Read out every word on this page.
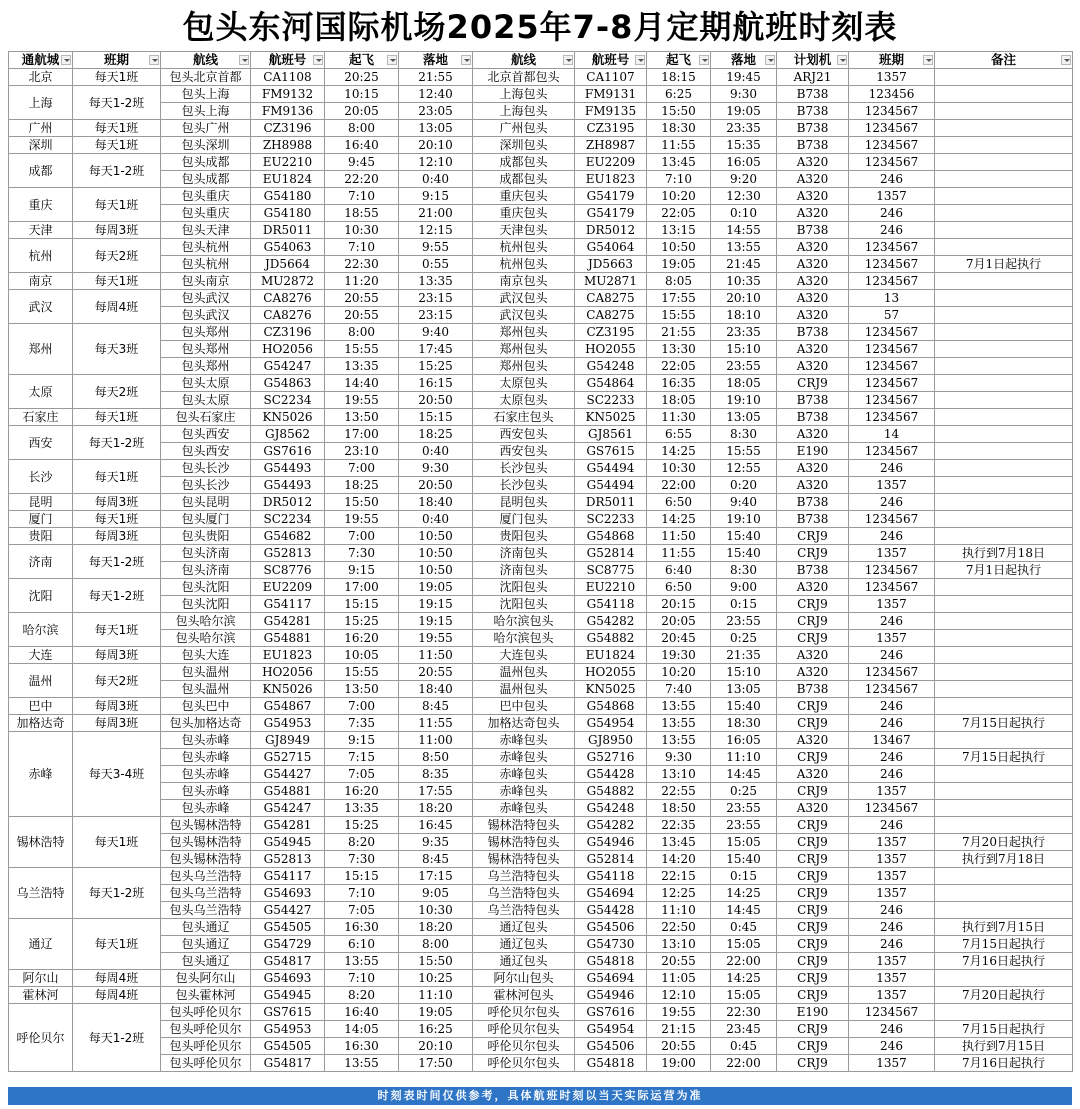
包头东河国际机场2025年7-8月定期航班时刻表
通航城	班期	航线	航班号	起飞	落地	航线	航班号	起飞	落地	计划机	班期	备注

北京	每天1班	包头北京首都	CA1108	20:25	21:55	北京首都包头	CA1107	18:15	19:45	ARJ21	1357	
上海	每天1-2班	包头上海	FM9132	10:15	12:40	上海包头	FM9131	6:25	9:30	B738	123456	
		包头上海	FM9136	20:05	23:05	上海包头	FM9135	15:50	19:05	B738	1234567	
广州	每天1班	包头广州	CZ3196	8:00	13:05	广州包头	CZ3195	18:30	23:35	B738	1234567	
深圳	每天1班	包头深圳	ZH8988	16:40	20:10	深圳包头	ZH8987	11:55	15:35	B738	1234567	
成都	每天1-2班	包头成都	EU2210	9:45	12:10	成都包头	EU2209	13:45	16:05	A320	1234567	
		包头成都	EU1824	22:20	0:40	成都包头	EU1823	7:10	9:20	A320	246	
重庆	每天1班	包头重庆	G54180	7:10	9:15	重庆包头	G54179	10:20	12:30	A320	1357	
		包头重庆	G54180	18:55	21:00	重庆包头	G54179	22:05	0:10	A320	246	
天津	每周3班	包头天津	DR5011	10:30	12:15	天津包头	DR5012	13:15	14:55	B738	246	
杭州	每天2班	包头杭州	G54063	7:10	9:55	杭州包头	G54064	10:50	13:55	A320	1234567	
		包头杭州	JD5664	22:30	0:55	杭州包头	JD5663	19:05	21:45	A320	1234567	7月1日起执行
南京	每天1班	包头南京	MU2872	11:20	13:35	南京包头	MU2871	8:05	10:35	A320	1234567	
武汉	每周4班	包头武汉	CA8276	20:55	23:15	武汉包头	CA8275	17:55	20:10	A320	13	
		包头武汉	CA8276	20:55	23:15	武汉包头	CA8275	15:55	18:10	A320	57	
郑州	每天3班	包头郑州	CZ3196	8:00	9:40	郑州包头	CZ3195	21:55	23:35	B738	1234567	
		包头郑州	HO2056	15:55	17:45	郑州包头	HO2055	13:30	15:10	A320	1234567	
		包头郑州	G54247	13:35	15:25	郑州包头	G54248	22:05	23:55	A320	1234567	
太原	每天2班	包头太原	G54863	14:40	16:15	太原包头	G54864	16:35	18:05	CRJ9	1234567	
		包头太原	SC2234	19:55	20:50	太原包头	SC2233	18:05	19:10	B738	1234567	
石家庄	每天1班	包头石家庄	KN5026	13:50	15:15	石家庄包头	KN5025	11:30	13:05	B738	1234567	
西安	每天1-2班	包头西安	GJ8562	17:00	18:25	西安包头	GJ8561	6:55	8:30	A320	14	
		包头西安	GS7616	23:10	0:40	西安包头	GS7615	14:25	15:55	E190	1234567	
长沙	每天1班	包头长沙	G54493	7:00	9:30	长沙包头	G54494	10:30	12:55	A320	246	
		包头长沙	G54493	18:25	20:50	长沙包头	G54494	22:00	0:20	A320	1357	
昆明	每周3班	包头昆明	DR5012	15:50	18:40	昆明包头	DR5011	6:50	9:40	B738	246	
厦门	每天1班	包头厦门	SC2234	19:55	0:40	厦门包头	SC2233	14:25	19:10	B738	1234567	
贵阳	每周3班	包头贵阳	G54682	7:00	10:50	贵阳包头	G54868	11:50	15:40	CRJ9	246	
济南	每天1-2班	包头济南	G52813	7:30	10:50	济南包头	G52814	11:55	15:40	CRJ9	1357	执行到7月18日
		包头济南	SC8776	9:15	10:50	济南包头	SC8775	6:40	8:30	B738	1234567	7月1日起执行
沈阳	每天1-2班	包头沈阳	EU2209	17:00	19:05	沈阳包头	EU2210	6:50	9:00	A320	1234567	
		包头沈阳	G54117	15:15	19:15	沈阳包头	G54118	20:15	0:15	CRJ9	1357	
哈尔滨	每天1班	包头哈尔滨	G54281	15:25	19:15	哈尔滨包头	G54282	20:05	23:55	CRJ9	246	
		包头哈尔滨	G54881	16:20	19:55	哈尔滨包头	G54882	20:45	0:25	CRJ9	1357	
大连	每周3班	包头大连	EU1823	10:05	11:50	大连包头	EU1824	19:30	21:35	A320	246	
温州	每天2班	包头温州	HO2056	15:55	20:55	温州包头	HO2055	10:20	15:10	A320	1234567	
		包头温州	KN5026	13:50	18:40	温州包头	KN5025	7:40	13:05	B738	1234567	
巴中	每周3班	包头巴中	G54867	7:00	8:45	巴中包头	G54868	13:55	15:40	CRJ9	246	
加格达奇	每周3班	包头加格达奇	G54953	7:35	11:55	加格达奇包头	G54954	13:55	18:30	CRJ9	246	7月15日起执行
赤峰	每天3-4班	包头赤峰	GJ8949	9:15	11:00	赤峰包头	GJ8950	13:55	16:05	A320	13467	
		包头赤峰	G52715	7:15	8:50	赤峰包头	G52716	9:30	11:10	CRJ9	246	7月15日起执行
		包头赤峰	G54427	7:05	8:35	赤峰包头	G54428	13:10	14:45	A320	246	
		包头赤峰	G54881	16:20	17:55	赤峰包头	G54882	22:55	0:25	CRJ9	1357	
		包头赤峰	G54247	13:35	18:20	赤峰包头	G54248	18:50	23:55	A320	1234567	
锡林浩特	每天1班	包头锡林浩特	G54281	15:25	16:45	锡林浩特包头	G54282	22:35	23:55	CRJ9	246	
		包头锡林浩特	G54945	8:20	9:35	锡林浩特包头	G54946	13:45	15:05	CRJ9	1357	7月20日起执行
		包头锡林浩特	G52813	7:30	8:45	锡林浩特包头	G52814	14:20	15:40	CRJ9	1357	执行到7月18日
乌兰浩特	每天1-2班	包头乌兰浩特	G54117	15:15	17:15	乌兰浩特包头	G54118	22:15	0:15	CRJ9	1357	
		包头乌兰浩特	G54693	7:10	9:05	乌兰浩特包头	G54694	12:25	14:25	CRJ9	1357	
		包头乌兰浩特	G54427	7:05	10:30	乌兰浩特包头	G54428	11:10	14:45	CRJ9	246	
通辽	每天1班	包头通辽	G54505	16:30	18:20	通辽包头	G54506	22:50	0:45	CRJ9	246	执行到7月15日
		包头通辽	G54729	6:10	8:00	通辽包头	G54730	13:10	15:05	CRJ9	246	7月15日起执行
		包头通辽	G54817	13:55	15:50	通辽包头	G54818	20:55	22:00	CRJ9	1357	7月16日起执行
阿尔山	每周4班	包头阿尔山	G54693	7:10	10:25	阿尔山包头	G54694	11:05	14:25	CRJ9	1357	
霍林河	每周4班	包头霍林河	G54945	8:20	11:10	霍林河包头	G54946	12:10	15:05	CRJ9	1357	7月20日起执行
呼伦贝尔	每天1-2班	包头呼伦贝尔	GS7615	16:40	19:05	呼伦贝尔包头	GS7616	19:55	22:30	E190	1234567	
		包头呼伦贝尔	G54953	14:05	16:25	呼伦贝尔包头	G54954	21:15	23:45	CRJ9	246	7月15日起执行
		包头呼伦贝尔	G54505	16:30	20:10	呼伦贝尔包头	G54506	20:55	0:45	CRJ9	246	执行到7月15日
		包头呼伦贝尔	G54817	13:55	17:50	呼伦贝尔包头	G54818	19:00	22:00	CRJ9	1357	7月16日起执行
时刻表时间仅供参考，具体航班时刻以当天实际运营为准
